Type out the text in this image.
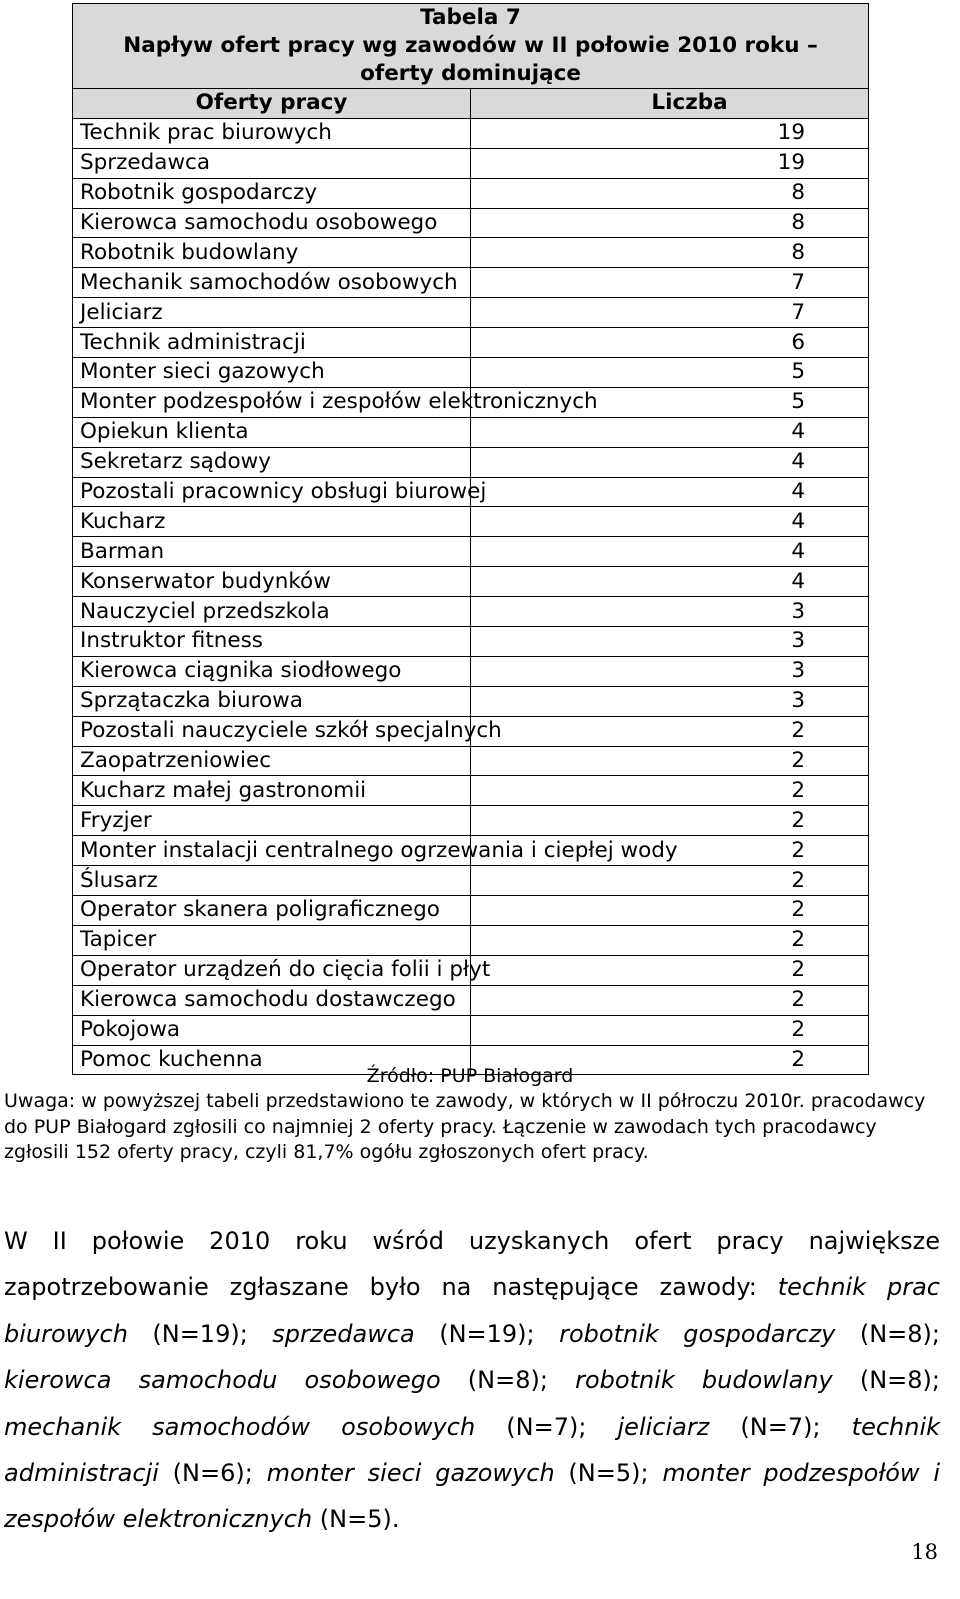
Tabela 7
Napływ ofert pracy wg zawodów w II połowie 2010 roku –
oferty dominujące	

Oferty pracy	Liczba
Technik prac biurowych	19
Sprzedawca	19
Robotnik gospodarczy	8
Kierowca samochodu osobowego	8
Robotnik budowlany	8
Mechanik samochodów osobowych	7
Jeliciarz	7
Technik administracji	6
Monter sieci gazowych	5
Monter podzespołów i zespołów elektronicznych	5
Opiekun klienta	4
Sekretarz sądowy	4
Pozostali pracownicy obsługi biurowej	4
Kucharz	4
Barman	4
Konserwator budynków	4
Nauczyciel przedszkola	3
Instruktor fitness	3
Kierowca ciągnika siodłowego	3
Sprzątaczka biurowa	3
Pozostali nauczyciele szkół specjalnych	2
Zaopatrzeniowiec	2
Kucharz małej gastronomii	2
Fryzjer	2
Monter instalacji centralnego ogrzewania i ciepłej wody	2
Ślusarz	2
Operator skanera poligraficznego	2
Tapicer	2
Operator urządzeń do cięcia folii i płyt	2
Kierowca samochodu dostawczego	2
Pokojowa	2
Pomoc kuchenna	2
Źródło: PUP Białogard
Uwaga: w powyższej tabeli przedstawiono te zawody, w których w II półroczu 2010r. pracodawcy do PUP Białogard zgłosili co najmniej 2 oferty pracy. Łączenie w zawodach tych pracodawcy zgłosili 152 oferty pracy, czyli 81,7% ogółu zgłoszonych ofert pracy.
W II połowie 2010 roku wśród uzyskanych ofert pracy największe zapotrzebowanie zgłaszane było na następujące zawody: technik prac biurowych (N=19); sprzedawca (N=19); robotnik gospodarczy (N=8); kierowca samochodu osobowego (N=8); robotnik budowlany (N=8); mechanik samochodów osobowych (N=7); jeliciarz (N=7); technik administracji (N=6); monter sieci gazowych (N=5); monter podzespołów i zespołów elektronicznych (N=5).
18
